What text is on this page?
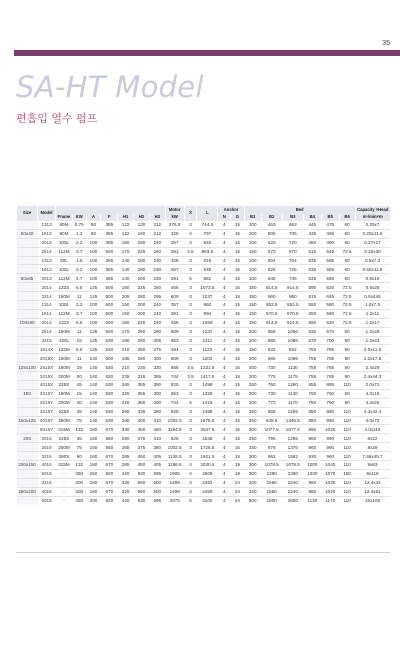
35
SA-HT Model

편흡입 열수 펌프

Size	Model								Motor	X	L	Anchor		Bed						Capacity ×Head
		Frame	KW	A	F	H1	H2	H3	kW			N	G	B1	B2	B3	B4	B5	B6	m³/min×m
	1313	80M	0.75	80	385	122	130	212	276.5	3	744.5	4	15	100	463	663	445	475	60	0.25x7
50x40	1613	90M	1.3	80	385	122	160	212	328	4	797	4	15	100	505	705	435	465	60	0.25x11.6
	2013	100L	2.2	100	385	150	180	240	357	4	845	4	15	100	520	720	460	490	60	0.27x17
	2514	112M	3.7	100	500	170	225	260	391	2.5	993.5	4	15	150	570	870	515	545	72.5	0.25x30
	1313	90L	1.5	100	385	140	180	230	328	3	816	4	15	100	504	704	535	565	60	0.5x7.3
	1613	100L	2.2	100	385	140	180	230	357	3	845	4	15	100	526	726	535	565	60	0.55x11.8
80x65	2013	112M	3.7	100	385	140	200	230	391	5	881	4	15	100	545	745	535	565	60	0.6x16
	2014	132S	5.5	125	500	160	225	250	456	3	1073.5	4	15	150	614.5	914.5	590	620	72.5	0.6x26
	3214	160M	11	125	500	205	280	295	609	3	1237	4	15	150	660	960	615	645	72.5	0.5x446
	1314	100L	2.2	100	500	150	200	240	357	3	960	4	15	150	553.5	853.5	550	580	72.5	1.0x7.5
	1614	112M	3.7	100	500	150	200	240	391	3	994	4	15	150	570.5	870.5	550	580	72.5	1.2x11
100x80	2014	132S	5.5	100	500	150	225	240	456	3	1059	4	15	150	614.5	914.5	590	620	72.5	1.2x17
	2514	160M	11	125	500	170	250	280	609	3	1237	4	15	200	656	1056	630	670	90	1.2x28
	3215	160L	15	125	530	190	280	305	653	3	1311	4	15	200	686	1086	670	700	90	1.2x43
	1614X	132M	5.5	125	530	210	250	275	494	3	1122	4	15	150	632	932	755	785	90	2.0x11.5
	2015X	160M	11	140	500	185	280	300	609	3	1202	4	15	200	686	1086	765	795	90	2.2x17.6
125x100	2515X	180M	19	140	530	210	230	330	558	3.5	1331.5	4	15	200	730	1130	755	785	90	2.4x29
	3215X	200M	30	140	530	235	315	355	744	3.5	1417.5	4	15	200	775	1175	755	785	90	2.4x44.3
	4015X	225S	45	140	530	265	355	390	825	3	1498	4	15	250	760	1260	855	885	110	2.0x72
150	2015Y	160M	15	140	530	225	355	300	653	3	1326	4	15	200	730	1130	760	790	90	4.0x18
	2015Y	200M	30	140	530	225	355	300	744	5	1419	4	15	200	770	1170	760	790	90	4.4x26
	3215Y	225S	45	140	530	265	335	380	825	3	1498	4	15	250	865	1265	850	880	110	4.4x42.4
150x125	4015Y	250M	75	140	530	290	400	410	1002.5	3	1675.5	4	15	250	845.5	1345.5	850	880	110	4.0x72
	5016Y	315M	132	180	670	330	450	450	1194.5	3	2047.5	4	15	300	1077.5	1677.5	990	1020	110	4.0x116
200	2015	225S	45	160	560	290	375	410	825	3	1548	4	15	250	795	1295	960	990	110	8x22
	2515	250M	75	160	560	265	375	380	1002.5	3	1725.5	4	15	250	876	1376	960	990	110	8x29
	3216	280S	90	160	670	285	450	405	1138.5	3	1921.5	4	15	300	962	1562	930	960	110	7.66x45.7
200x150	4016	315M	132	180	670	285	450	405	1196.5	4	2030.5	4	19	300	1078.5	1678.5	1000	1040	110	9x63
	5018	-	250	250	820	420	630	595	1905	4	2609	4	19	300	1390	2390	1030	1070	150	8x116
	3216	-	200	180	670	325	560	500	1499	4	2353	4	24	340	1560	2240	980	1020	110	12.4x42
250x200	4016	-	200	180	670	325	560	500	1499	4	2459	4	24	340	1560	2240	980	1020	110	12.4x61
	5018	-	450	200	820	420	630	595	2075	5	3100	4	24	500	1800	2800	1130	1170	110	16x108
